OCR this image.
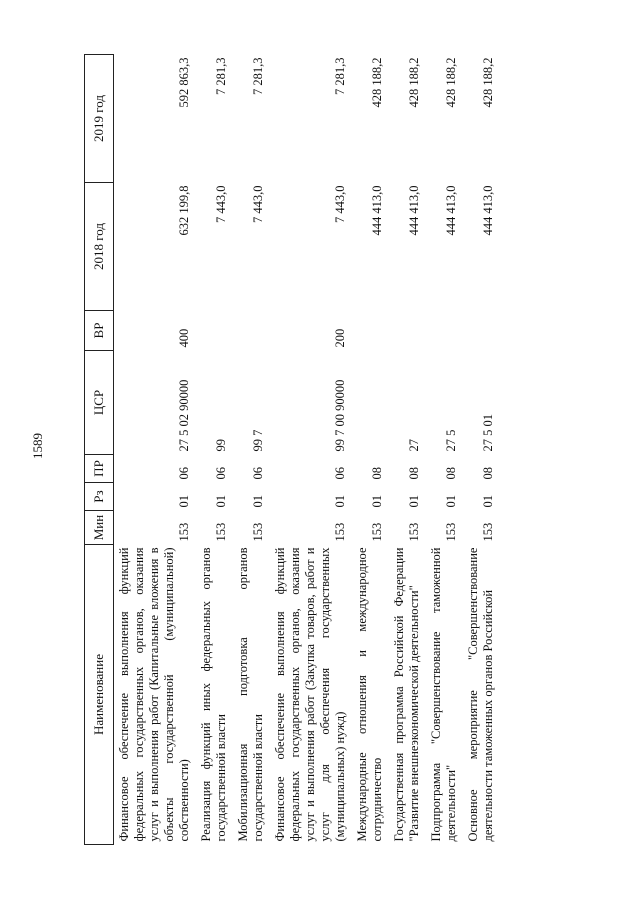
1589
Наименование	Мин	Рз	ПР	ЦСР	ВР	2018 год	2019 год
Финансовое обеспечение выполнения функций федеральных государственных органов, оказания услуг и выполнения работ (Капитальные вложения в объекты государственной (муниципальной) собственности)	153	01	06	27 5 02 90000	400	632 199,8	592 863,3
Реализация функций иных федеральных органов государственной власти	153	01	06	99		7 443,0	7 281,3
Мобилизационная подготовка органов государственной власти	153	01	06	99 7		7 443,0	7 281,3
Финансовое обеспечение выполнения функций федеральных государственных органов, оказания услуг и выполнения работ (Закупка товаров, работ и услуг для обеспечения государственных (муниципальных) нужд)	153	01	06	99 7 00 90000	200	7 443,0	7 281,3
Международные отношения и международное сотрудничество	153	01	08			444 413,0	428 188,2
Государственная программа Российской Федерации "Развитие внешнеэкономической деятельности"	153	01	08	27		444 413,0	428 188,2
Подпрограмма "Совершенствование таможенной деятельности"	153	01	08	27 5		444 413,0	428 188,2
Основное мероприятие "Совершенствование деятельности таможенных органов Российской	153	01	08	27 5 01		444 413,0	428 188,2
